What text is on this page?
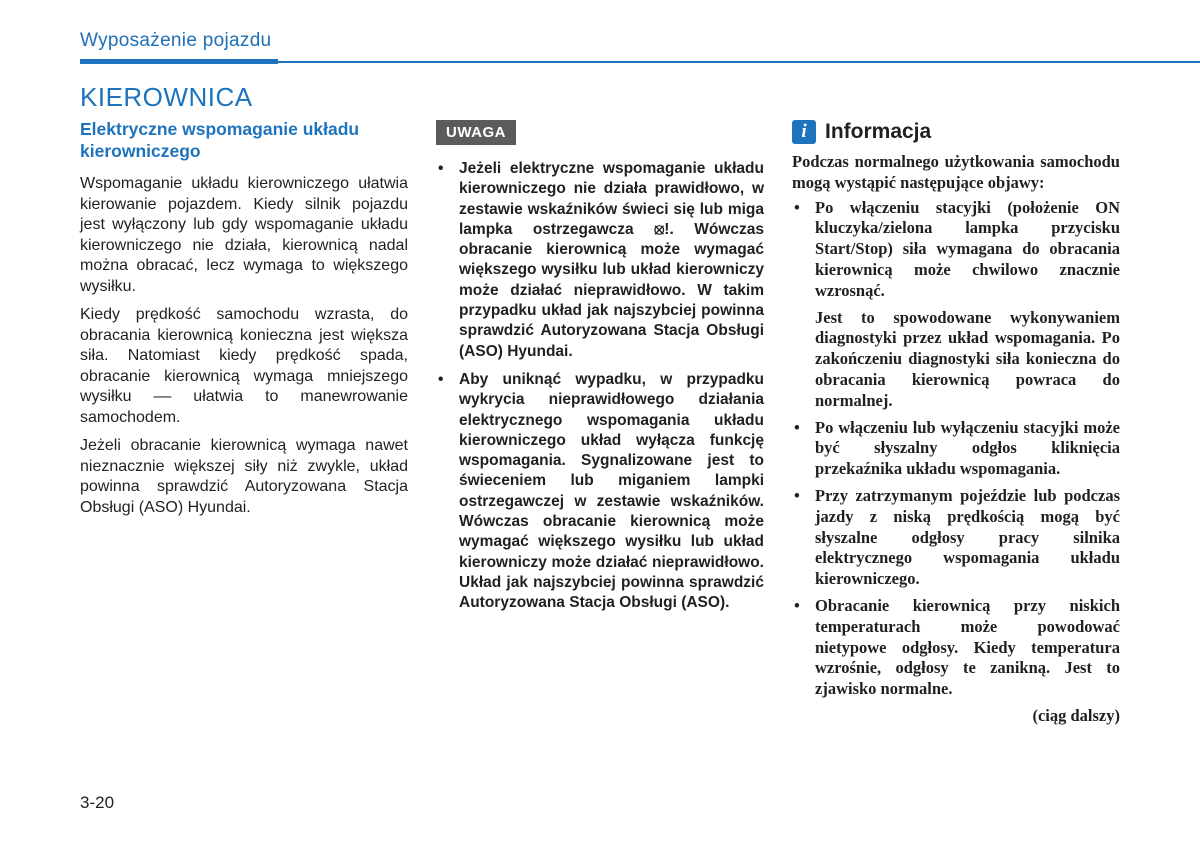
Wyposażenie pojazdu
KIEROWNICA
Elektryczne wspomaganie układu kierowniczego

Wspomaganie układu kierowniczego ułatwia kierowanie pojazdem. Kiedy silnik pojazdu jest wyłączony lub gdy wspomaganie układu kierowniczego nie działa, kierownicą nadal można obracać, lecz wymaga to większego wysiłku.

Kiedy prędkość samochodu wzrasta, do obracania kierownicą konieczna jest większa siła. Natomiast kiedy prędkość spada, obracanie kierownicą wymaga mniejszego wysiłku –– ułatwia to manewrowanie samochodem.

Jeżeli obracanie kierownicą wymaga nawet nieznacznie większej siły niż zwykle, układ powinna sprawdzić Autoryzowana Stacja Obsługi (ASO) Hyundai.

UWAGA
• Jeżeli elektryczne wspomaganie układu kierowniczego nie działa prawidłowo, w zestawie wskaźników świeci się lub miga lampka ostrzegawcza ⦻!. Wówczas obracanie kierownicą może wymagać większego wysiłku lub układ kierowniczy może działać nieprawidłowo. W takim przypadku układ jak najszybciej powinna sprawdzić Autoryzowana Stacja Obsługi (ASO) Hyundai.
• Aby uniknąć wypadku, w przypadku wykrycia nieprawidłowego działania elektrycznego wspomagania układu kierowniczego układ wyłącza funkcję wspomagania. Sygnalizowane jest to świeceniem lub miganiem lampki ostrzegawczej w zestawie wskaźników. Wówczas obracanie kierownicą może wymagać większego wysiłku lub układ kierowniczy może działać nieprawidłowo. Układ jak najszybciej powinna sprawdzić Autoryzowana Stacja Obsługi (ASO).
i Informacja

Podczas normalnego użytkowania samochodu mogą wystąpić następujące objawy:

• Po włączeniu stacyjki (położenie ON kluczyka/zielona lampka przycisku Start/Stop) siła wymagana do obracania kierownicą może chwilowo znacznie wzrosnąć.

Jest to spowodowane wykonywaniem diagnostyki przez układ wspomagania. Po zakończeniu diagnostyki siła konieczna do obracania kierownicą powraca do normalnej.

• Po włączeniu lub wyłączeniu stacyjki może być słyszalny odgłos kliknięcia przekaźnika układu wspomagania.
• Przy zatrzymanym pojeździe lub podczas jazdy z niską prędkością mogą być słyszalne odgłosy pracy silnika elektrycznego wspomagania układu kierowniczego.
• Obracanie kierownicą przy niskich temperaturach może powodować nietypowe odgłosy. Kiedy temperatura wzrośnie, odgłosy te zanikną. Jest to zjawisko normalne.
(ciąg dalszy)
3-20
